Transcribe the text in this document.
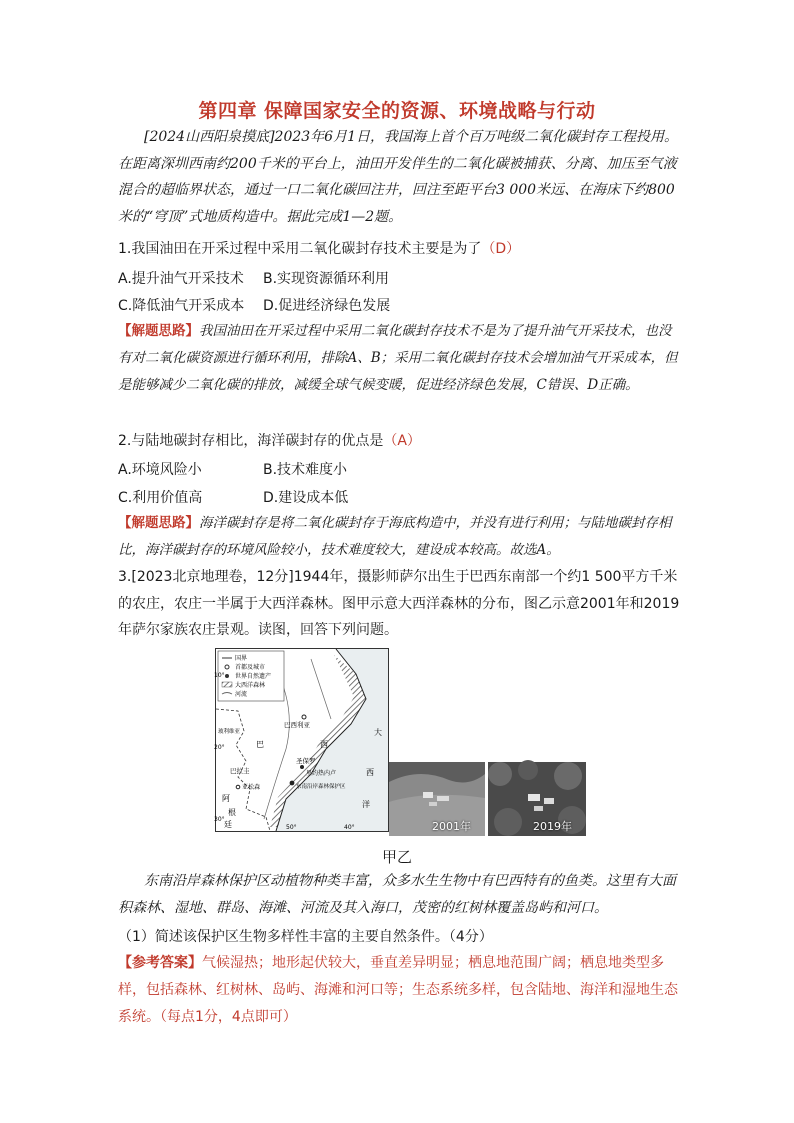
第四章 保障国家安全的资源、环境战略与行动
[2024山西阳泉摸底]2023年6月1日，我国海上首个百万吨级二氧化碳封存工程投用。在距离深圳西南约200千米的平台上，油田开发伴生的二氧化碳被捕获、分离、加压至气液混合的超临界状态，通过一口二氧化碳回注井，回注至距平台3 000米远、在海床下约800米的“穹顶”式地质构造中。据此完成1—2题。
1.我国油田在开采过程中采用二氧化碳封存技术主要是为了（D）
A.提升油气开采技术 B.实现资源循环利用
C.降低油气开采成本 D.促进经济绿色发展
【解题思路】我国油田在开采过程中采用二氧化碳封存技术不是为了提升油气开采技术，也没有对二氧化碳资源进行循环利用，排除A、B；采用二氧化碳封存技术会增加油气开采成本，但是能够减少二氧化碳的排放，减缓全球气候变暖，促进经济绿色发展，C错误、D正确。
2.与陆地碳封存相比，海洋碳封存的优点是（A）
A.环境风险小	B.技术难度小
C.利用价值高	D.建设成本低
【解题思路】海洋碳封存是将二氧化碳封存于海底构造中，并没有进行利用；与陆地碳封存相比，海洋碳封存的环境风险较小，技术难度较大，建设成本较高。故选A。
3.[2023北京地理卷，12分]1944年，摄影师萨尔出生于巴西东南部一个约1 500平方千米的农庄，农庄一半属于大西洋森林。图甲示意大西洋森林的分布，图乙示意2001年和2019年萨尔家族农庄景观。读图，回答下列问题。
国界
首都及城市
世界自然遗产
大西洋森林
河流
10°
20°
30°
50°	40°
巴西利亚
巴	西
大
西
洋
圣保罗
里约热内卢
东南沿岸森林保护区
巴拉圭
亚松森
阿
根
廷
玻利维亚
2001年	2019年
甲乙
东南沿岸森林保护区动植物种类丰富，众多水生生物中有巴西特有的鱼类。这里有大面积森林、湿地、群岛、海滩、河流及其入海口，茂密的红树林覆盖岛屿和河口。
（1）简述该保护区生物多样性丰富的主要自然条件。（4分）
【参考答案】气候湿热；地形起伏较大，垂直差异明显；栖息地范围广阔；栖息地类型多样，包括森林、红树林、岛屿、海滩和河口等；生态系统多样，包含陆地、海洋和湿地生态系统。（每点1分，4点即可）
